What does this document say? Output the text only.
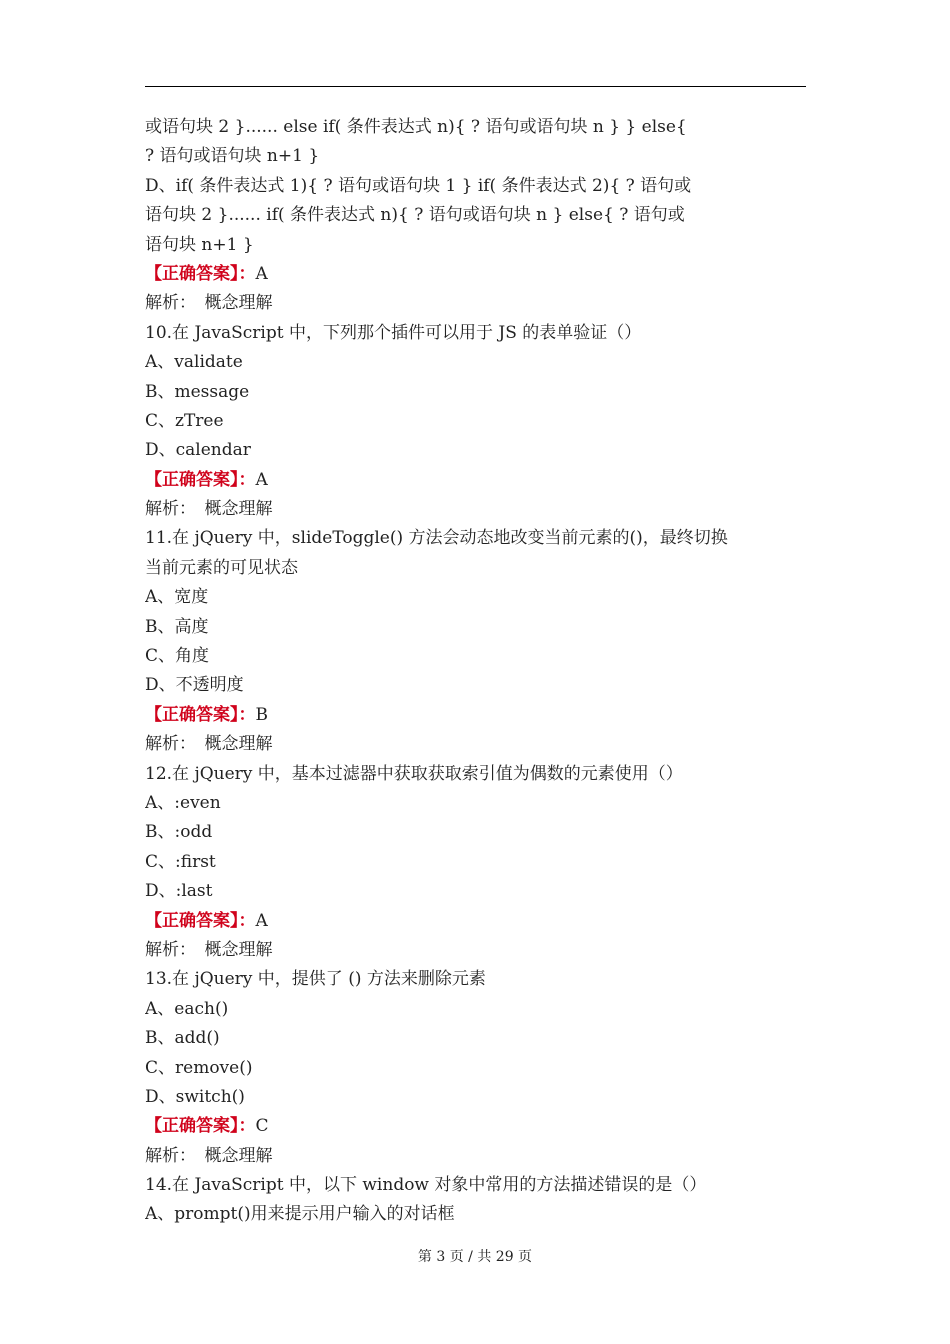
或语句块 2 }...... else if( 条件表达式 n){ ? 语句或语句块 n } } else{
? 语句或语句块 n+1 }
D、if( 条件表达式 1){ ? 语句或语句块 1 } if( 条件表达式 2){ ? 语句或
语句块 2 }...... if( 条件表达式 n){ ? 语句或语句块 n } else{ ? 语句或
语句块 n+1 }
【正确答案】：A
解析：　概念理解
10.在 JavaScript 中，下列那个插件可以用于 JS 的表单验证（）
A、validate
B、message
C、zTree
D、calendar
【正确答案】：A
解析：　概念理解
11.在 jQuery 中，slideToggle() 方法会动态地改变当前元素的()，最终切换
当前元素的可见状态
A、宽度
B、高度
C、角度
D、不透明度
【正确答案】：B
解析：　概念理解
12.在 jQuery 中，基本过滤器中获取获取索引值为偶数的元素使用（）
A、:even
B、:odd
C、:first
D、:last
【正确答案】：A
解析：　概念理解
13.在 jQuery 中，提供了 () 方法来删除元素
A、each()
B、add()
C、remove()
D、switch()
【正确答案】：C
解析：　概念理解
14.在 JavaScript 中，以下 window 对象中常用的方法描述错误的是（）
A、prompt()用来提示用户输入的对话框
第 3 页 / 共 29 页
